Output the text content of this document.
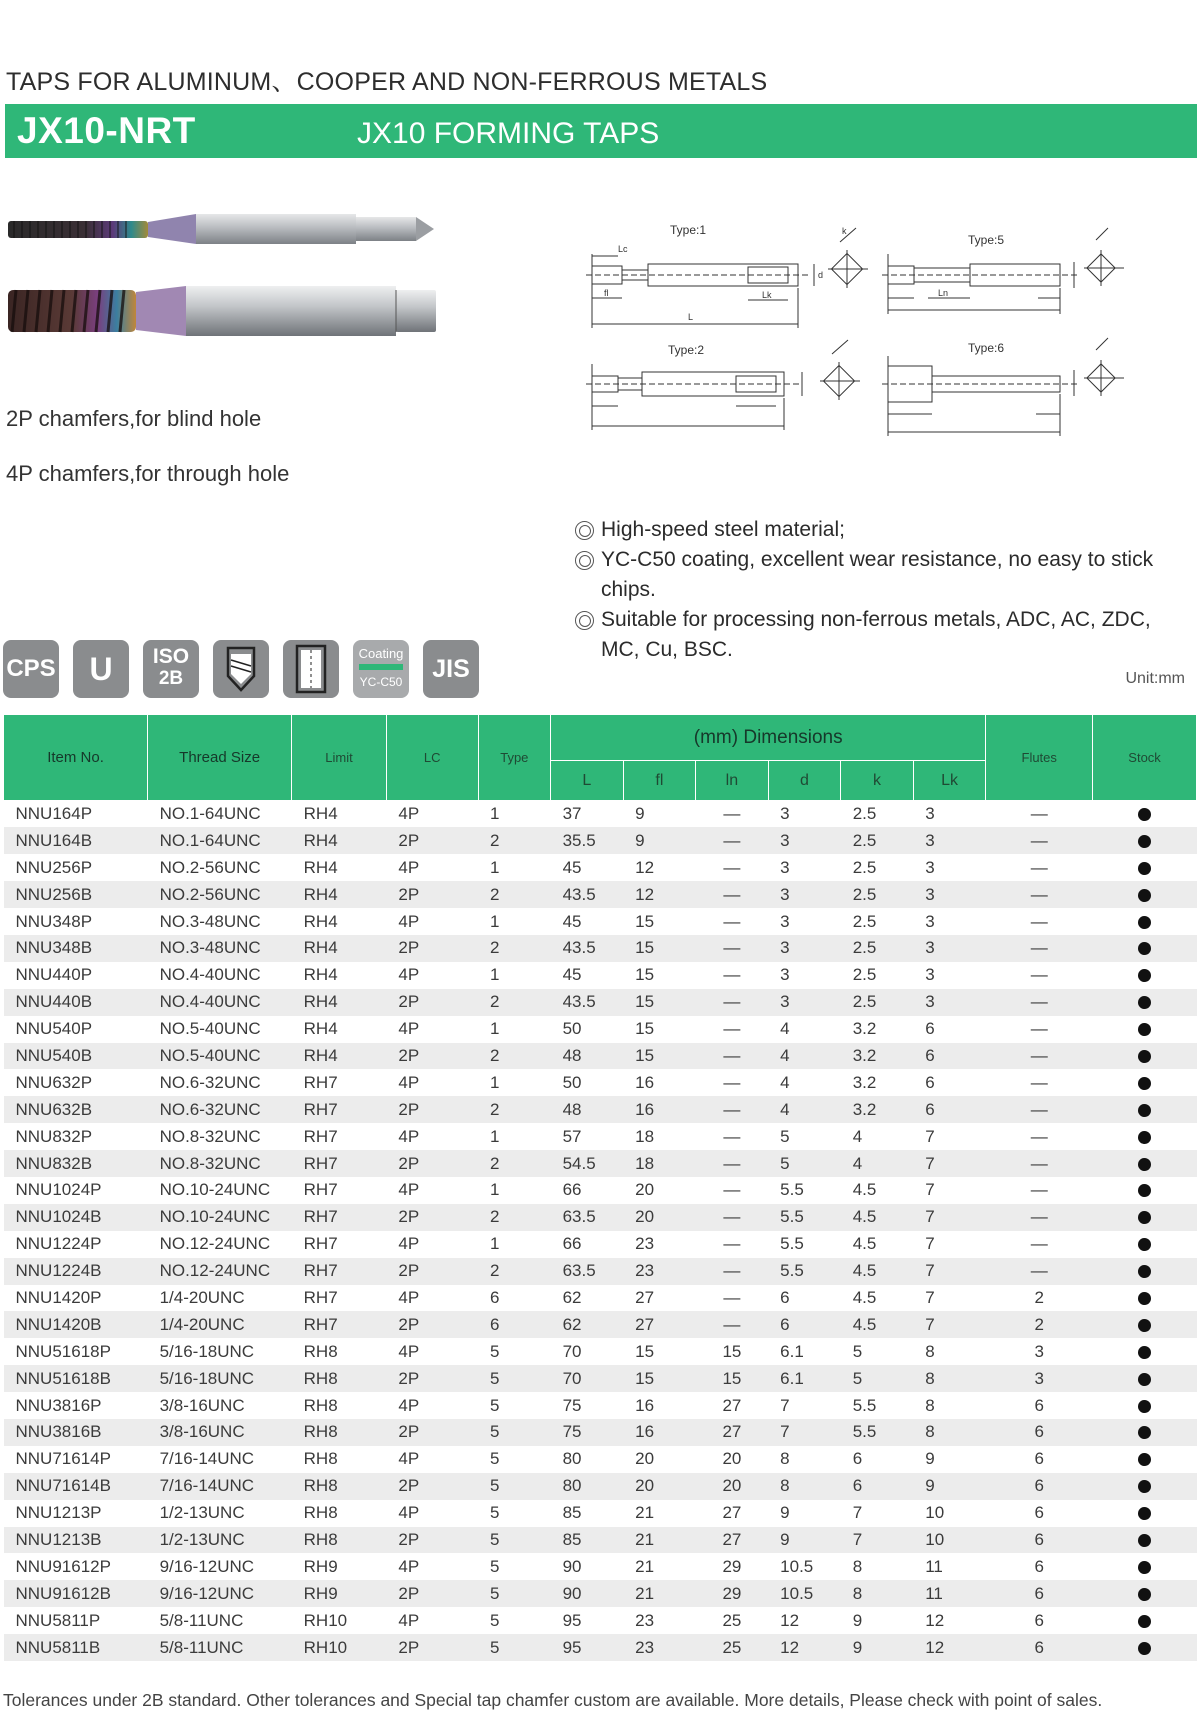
TAPS FOR ALUMINUM、COOPER AND NON-FERROUS METALS
JX10-NRT	JX10 FORMING TAPS
2P chamfers,for blind hole
4P chamfers,for through hole
Type:1
Type:2
Type:5
Type:6
Lc
fl
L
Lk
d
k
Ln
High-speed steel material;
YC-C50 coating, excellent wear resistance, no easy to stick chips.
Suitable for processing non-ferrous metals, ADC, AC, ZDC, MC, Cu, BSC.
CPS	U	ISO
2B
Coating
YC-C50	JIS	Unit:mm
Item No.	Thread Size	Limit	LC	Type	(mm) Dimensions						Flutes	Stock
					L	fl	ln	d	k	Lk		
NNU164P	NO.1-64UNC	RH4	4P	1	37	9	—	3	2.5	3	—	
NNU164B	NO.1-64UNC	RH4	2P	2	35.5	9	—	3	2.5	3	—	
NNU256P	NO.2-56UNC	RH4	4P	1	45	12	—	3	2.5	3	—	
NNU256B	NO.2-56UNC	RH4	2P	2	43.5	12	—	3	2.5	3	—	
NNU348P	NO.3-48UNC	RH4	4P	1	45	15	—	3	2.5	3	—	
NNU348B	NO.3-48UNC	RH4	2P	2	43.5	15	—	3	2.5	3	—	
NNU440P	NO.4-40UNC	RH4	4P	1	45	15	—	3	2.5	3	—	
NNU440B	NO.4-40UNC	RH4	2P	2	43.5	15	—	3	2.5	3	—	
NNU540P	NO.5-40UNC	RH4	4P	1	50	15	—	4	3.2	6	—	
NNU540B	NO.5-40UNC	RH4	2P	2	48	15	—	4	3.2	6	—	
NNU632P	NO.6-32UNC	RH7	4P	1	50	16	—	4	3.2	6	—	
NNU632B	NO.6-32UNC	RH7	2P	2	48	16	—	4	3.2	6	—	
NNU832P	NO.8-32UNC	RH7	4P	1	57	18	—	5	4	7	—	
NNU832B	NO.8-32UNC	RH7	2P	2	54.5	18	—	5	4	7	—	
NNU1024P	NO.10-24UNC	RH7	4P	1	66	20	—	5.5	4.5	7	—	
NNU1024B	NO.10-24UNC	RH7	2P	2	63.5	20	—	5.5	4.5	7	—	
NNU1224P	NO.12-24UNC	RH7	4P	1	66	23	—	5.5	4.5	7	—	
NNU1224B	NO.12-24UNC	RH7	2P	2	63.5	23	—	5.5	4.5	7	—	
NNU1420P	1/4-20UNC	RH7	4P	6	62	27	—	6	4.5	7	2	
NNU1420B	1/4-20UNC	RH7	2P	6	62	27	—	6	4.5	7	2	
NNU51618P	5/16-18UNC	RH8	4P	5	70	15	15	6.1	5	8	3	
NNU51618B	5/16-18UNC	RH8	2P	5	70	15	15	6.1	5	8	3	
NNU3816P	3/8-16UNC	RH8	4P	5	75	16	27	7	5.5	8	6	
NNU3816B	3/8-16UNC	RH8	2P	5	75	16	27	7	5.5	8	6	
NNU71614P	7/16-14UNC	RH8	4P	5	80	20	20	8	6	9	6	
NNU71614B	7/16-14UNC	RH8	2P	5	80	20	20	8	6	9	6	
NNU1213P	1/2-13UNC	RH8	4P	5	85	21	27	9	7	10	6	
NNU1213B	1/2-13UNC	RH8	2P	5	85	21	27	9	7	10	6	
NNU91612P	9/16-12UNC	RH9	4P	5	90	21	29	10.5	8	11	6	
NNU91612B	9/16-12UNC	RH9	2P	5	90	21	29	10.5	8	11	6	
NNU5811P	5/8-11UNC	RH10	4P	5	95	23	25	12	9	12	6	
NNU5811B	5/8-11UNC	RH10	2P	5	95	23	25	12	9	12	6	
Tolerances under 2B standard. Other tolerances and Special tap chamfer custom are available. More details, Please check with point of sales.
